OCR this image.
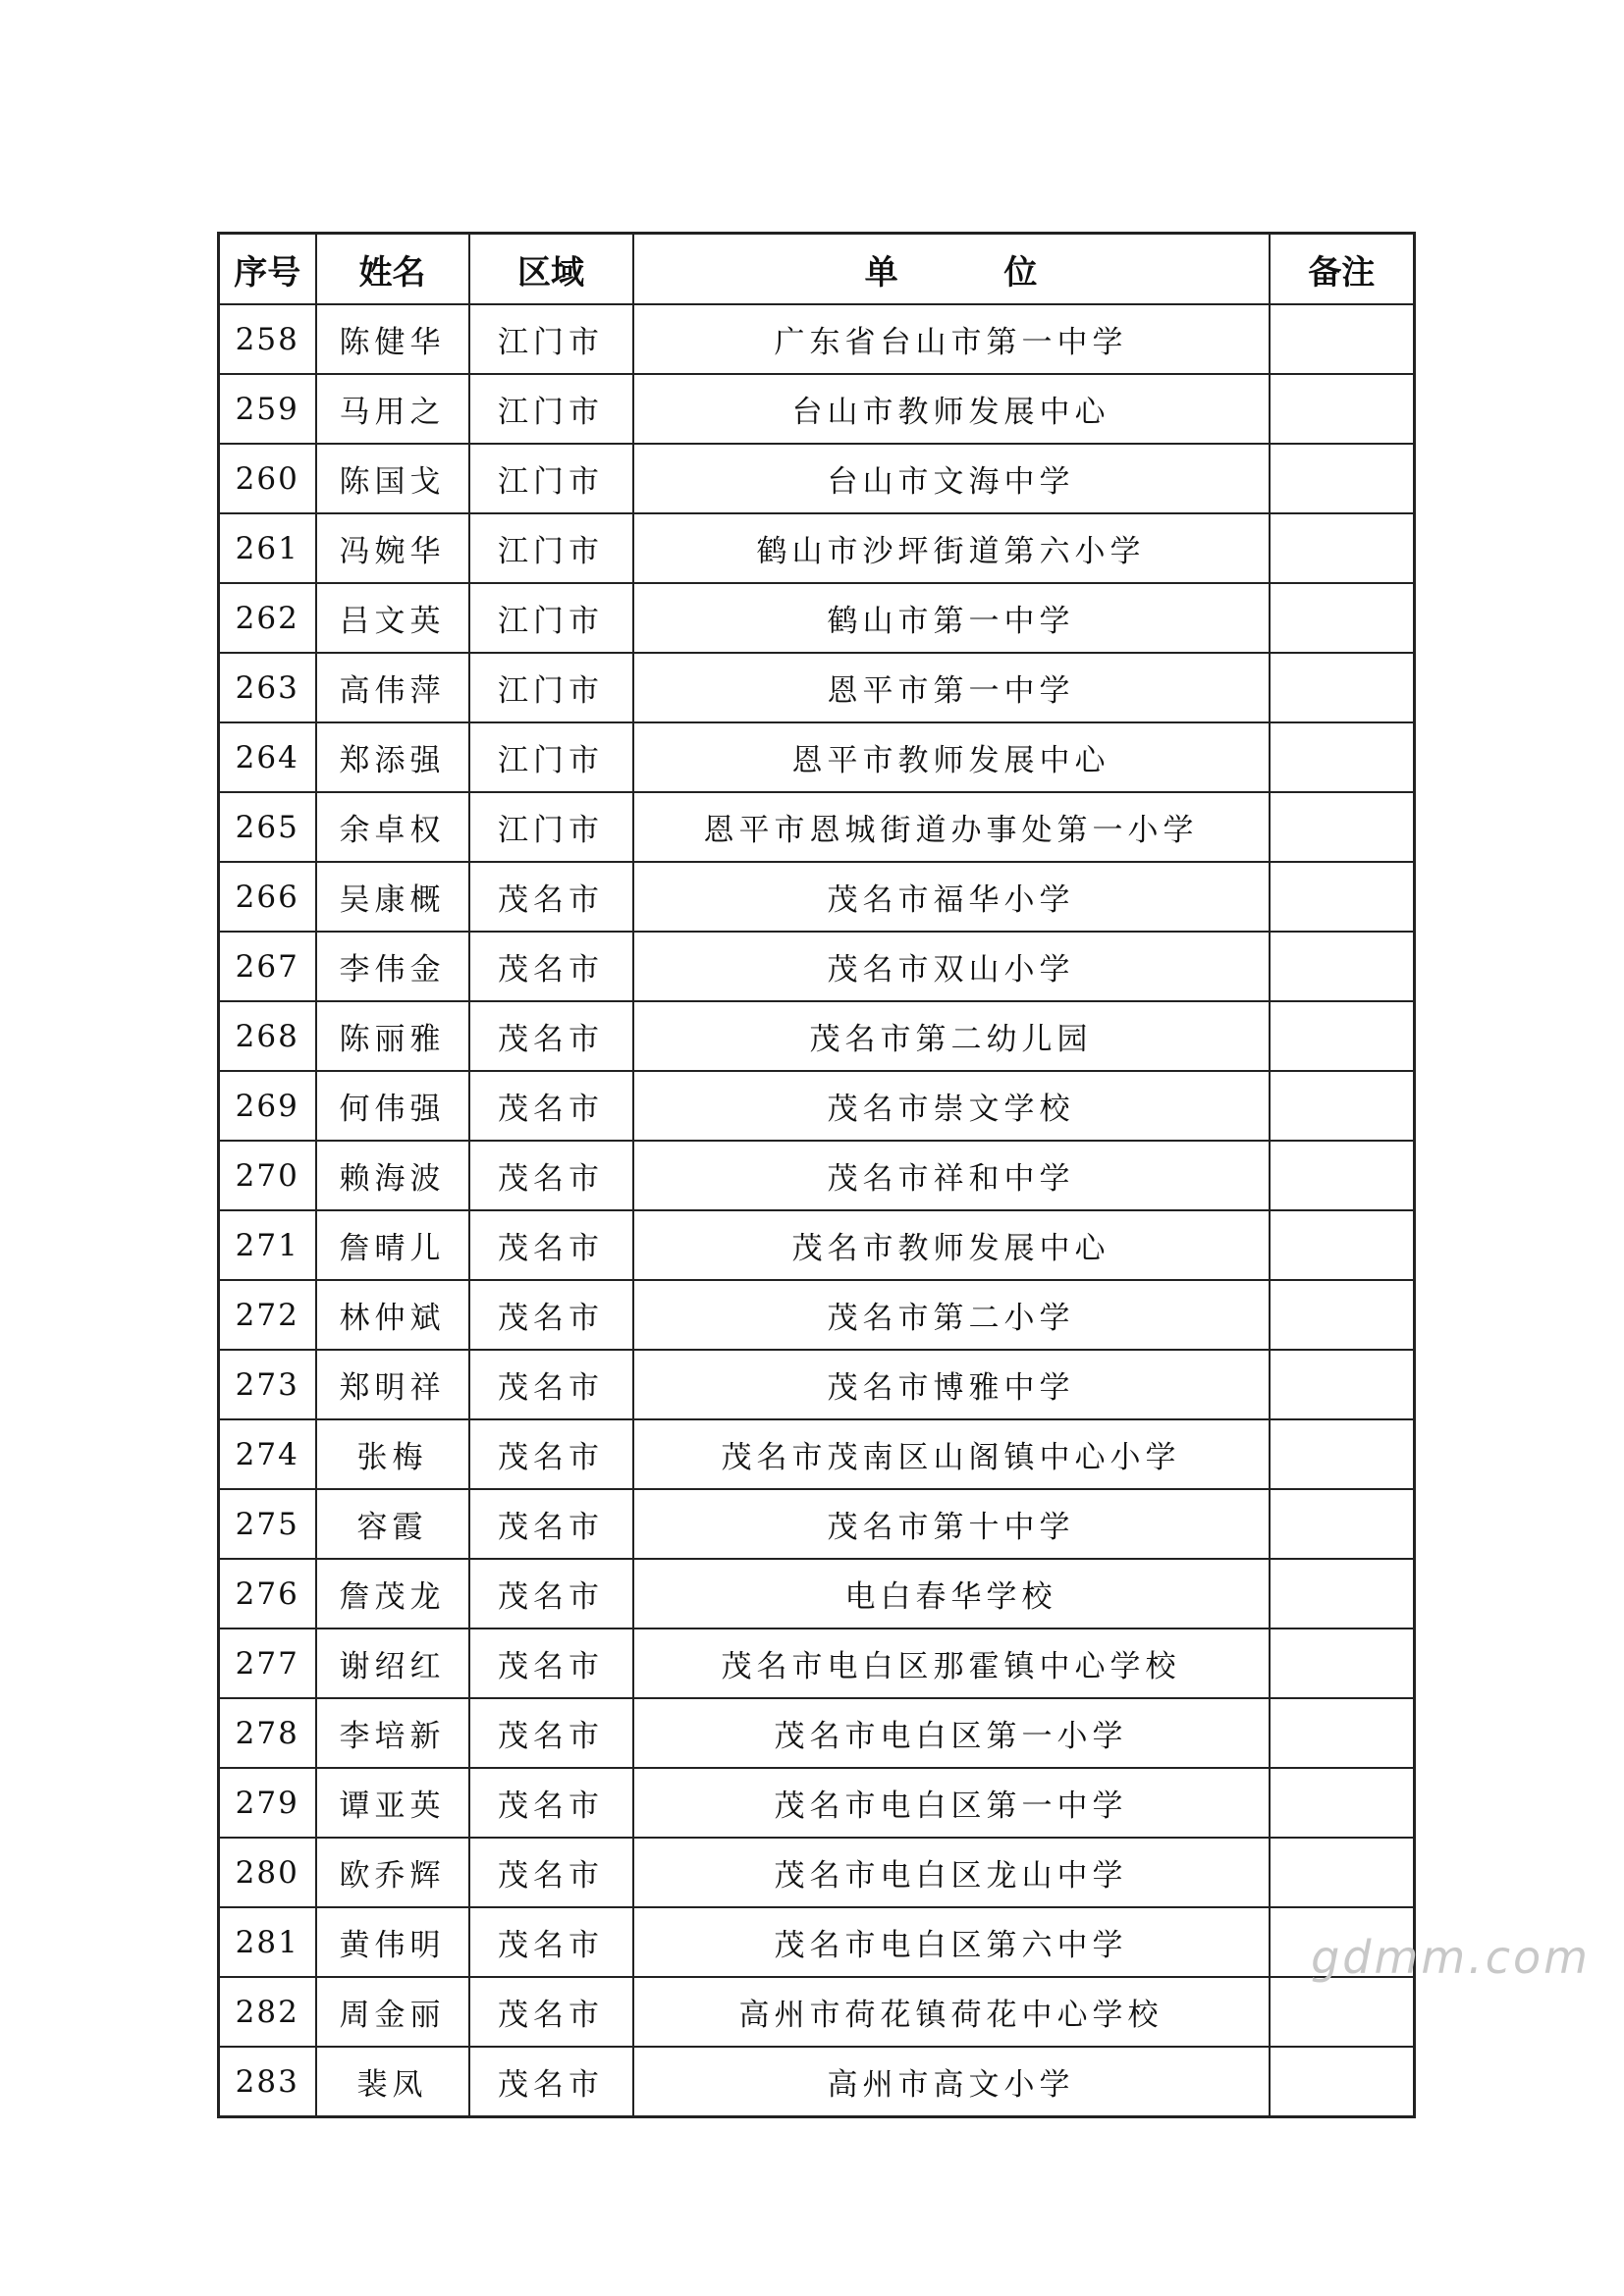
序号	姓名	区域	单 位	备注
258	陈健华	江门市	广东省台山市第一中学	
259	马用之	江门市	台山市教师发展中心	
260	陈国戈	江门市	台山市文海中学	
261	冯婉华	江门市	鹤山市沙坪街道第六小学	
262	吕文英	江门市	鹤山市第一中学	
263	高伟萍	江门市	恩平市第一中学	
264	郑添强	江门市	恩平市教师发展中心	
265	余卓权	江门市	恩平市恩城街道办事处第一小学	
266	吴康概	茂名市	茂名市福华小学	
267	李伟金	茂名市	茂名市双山小学	
268	陈丽雅	茂名市	茂名市第二幼儿园	
269	何伟强	茂名市	茂名市崇文学校	
270	赖海波	茂名市	茂名市祥和中学	
271	詹晴儿	茂名市	茂名市教师发展中心	
272	林仲斌	茂名市	茂名市第二小学	
273	郑明祥	茂名市	茂名市博雅中学	
274	张梅	茂名市	茂名市茂南区山阁镇中心小学	
275	容霞	茂名市	茂名市第十中学	
276	詹茂龙	茂名市	电白春华学校	
277	谢绍红	茂名市	茂名市电白区那霍镇中心学校	
278	李培新	茂名市	茂名市电白区第一小学	
279	谭亚英	茂名市	茂名市电白区第一中学	
280	欧乔辉	茂名市	茂名市电白区龙山中学	
281	黄伟明	茂名市	茂名市电白区第六中学	
282	周金丽	茂名市	高州市荷花镇荷花中心学校	
283	裴凤	茂名市	高州市高文小学	
gdmm.com
